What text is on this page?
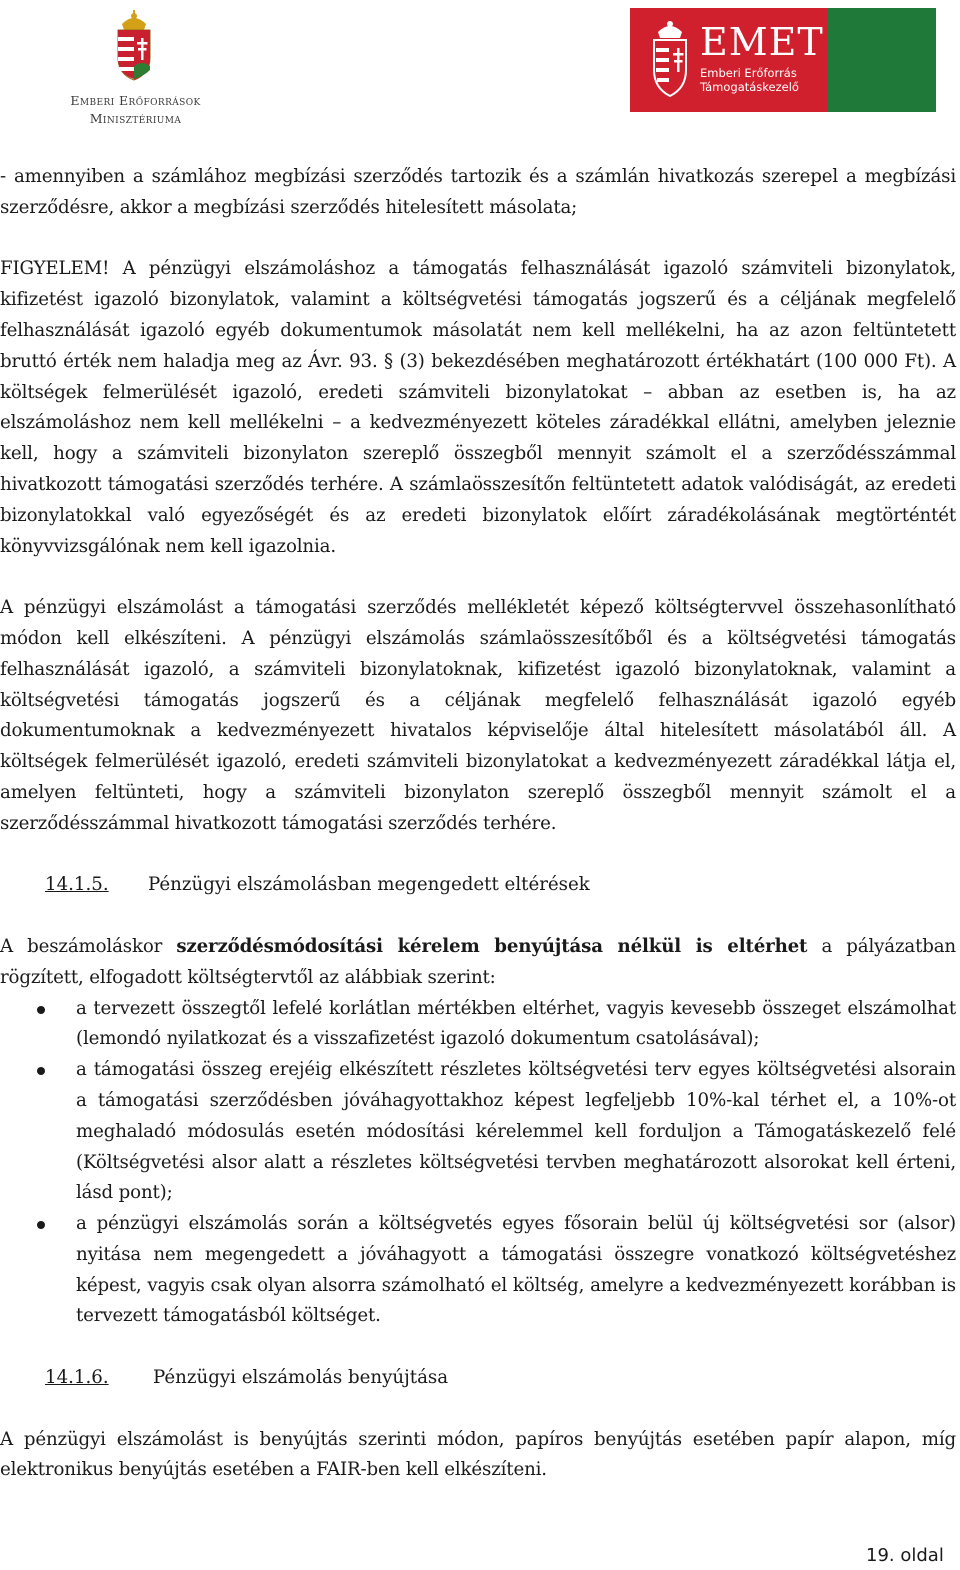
Emberi Erőforrások
Minisztériuma
EMET
Emberi Erőforrás
Támogatáskezelő

- amennyiben a számlához megbízási szerződés tartozik és a számlán hivatkozás szerepel a megbízási szerződésre, akkor a megbízási szerződés hitelesített másolata;

FIGYELEM! A pénzügyi elszámoláshoz a támogatás felhasználását igazoló számviteli bizonylatok, kifizetést igazoló bizonylatok, valamint a költségvetési támogatás jogszerű és a céljának megfelelő felhasználását igazoló egyéb dokumentumok másolatát nem kell mellékelni, ha az azon feltüntetett bruttó érték nem haladja meg az Ávr. 93. § (3) bekezdésében meghatározott értékhatárt (100 000 Ft). A költségek felmerülését igazoló, eredeti számviteli bizonylatokat – abban az esetben is, ha az elszámoláshoz nem kell mellékelni – a kedvezményezett köteles záradékkal ellátni, amelyben jeleznie kell, hogy a számviteli bizonylaton szereplő összegből mennyit számolt el a szerződésszámmal hivatkozott támogatási szerződés terhére. A számlaösszesítőn feltüntetett adatok valódiságát, az eredeti bizonylatokkal való egyezőségét és az eredeti bizonylatok előírt záradékolásának megtörténtét könyvvizsgálónak nem kell igazolnia.

A pénzügyi elszámolást a támogatási szerződés mellékletét képező költségtervvel összehasonlítható módon kell elkészíteni. A pénzügyi elszámolás számlaösszesítőből és a költségvetési támogatás felhasználását igazoló, a számviteli bizonylatoknak, kifizetést igazoló bizonylatoknak, valamint a költségvetési támogatás jogszerű és a céljának megfelelő felhasználását igazoló egyéb dokumentumoknak a kedvezményezett hivatalos képviselője által hitelesített másolatából áll. A költségek felmerülését igazoló, eredeti számviteli bizonylatokat a kedvezményezett záradékkal látja el, amelyen feltünteti, hogy a számviteli bizonylaton szereplő összegből mennyit számolt el a szerződésszámmal hivatkozott támogatási szerződés terhére.

14.1.5. Pénzügyi elszámolásban megengedett eltérések

A beszámoláskor szerződésmódosítási kérelem benyújtása nélkül is eltérhet a pályázatban rögzített, elfogadott költségtervtől az alábbiak szerint:

a tervezett összegtől lefelé korlátlan mértékben eltérhet, vagyis kevesebb összeget elszámolhat (lemondó nyilatkozat és a visszafizetést igazoló dokumentum csatolásával);

a támogatási összeg erejéig elkészített részletes költségvetési terv egyes költségvetési alsorain a támogatási szerződésben jóváhagyottakhoz képest legfeljebb 10%-kal térhet el, a 10%-ot meghaladó módosulás esetén módosítási kérelemmel kell forduljon a Támogatáskezelő felé (Költségvetési alsor alatt a részletes költségvetési tervben meghatározott alsorokat kell érteni, lásd pont);

a pénzügyi elszámolás során a költségvetés egyes fősorain belül új költségvetési sor (alsor) nyitása nem megengedett a jóváhagyott a támogatási összegre vonatkozó költségvetéshez képest, vagyis csak olyan alsorra számolható el költség, amelyre a kedvezményezett korábban is tervezett támogatásból költséget.

14.1.6. Pénzügyi elszámolás benyújtása

A pénzügyi elszámolást is benyújtás szerinti módon, papíros benyújtás esetében papír alapon, míg elektronikus benyújtás esetében a FAIR-ben kell elkészíteni.

19. oldal
